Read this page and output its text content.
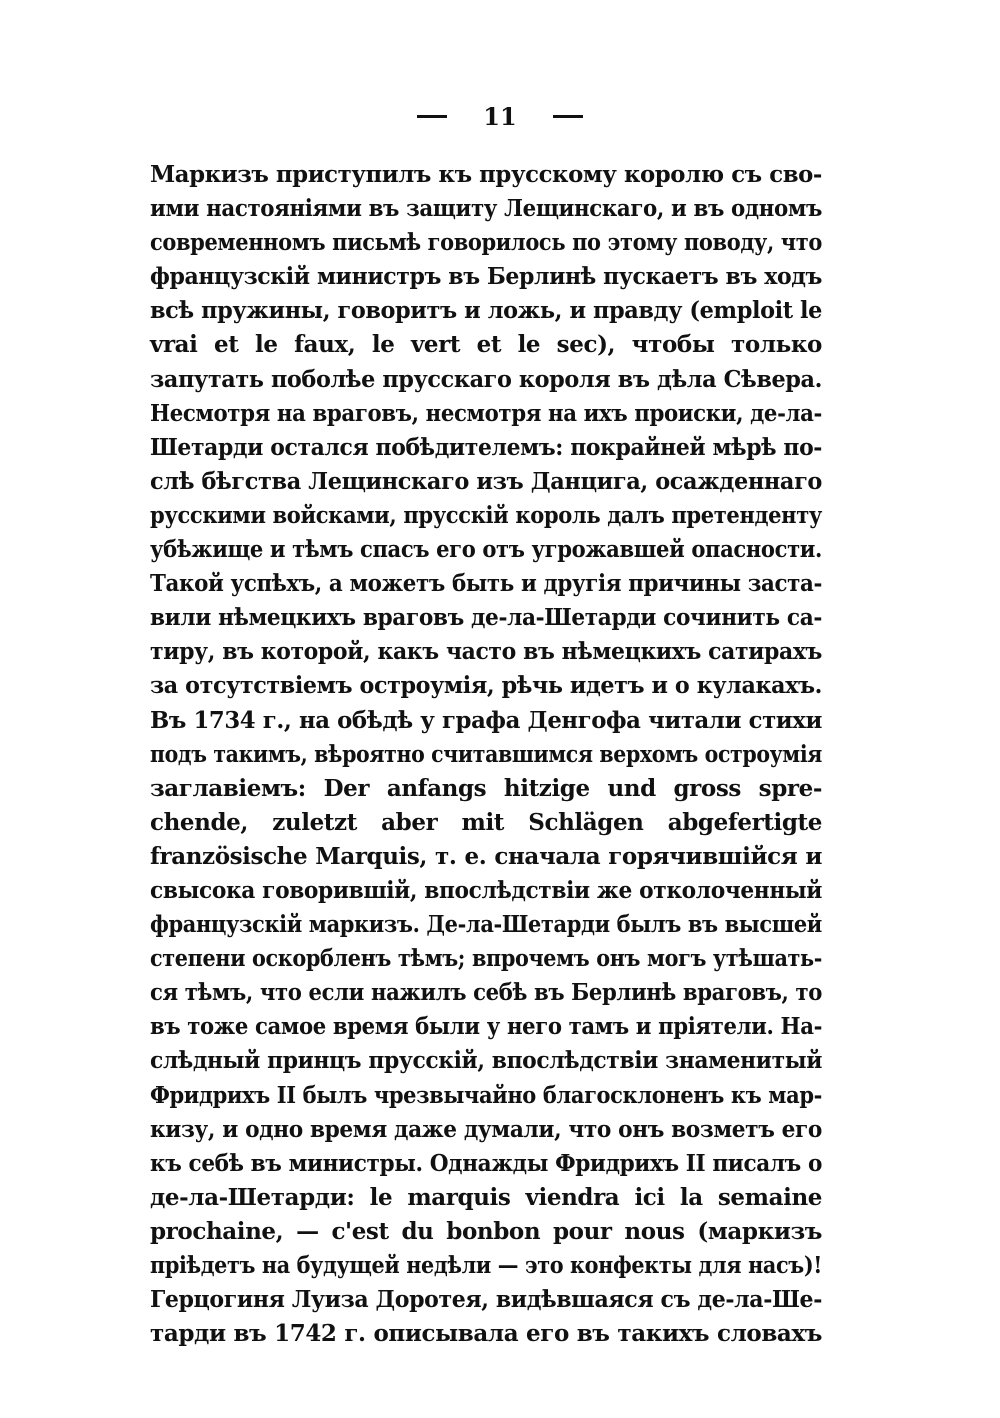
11
Маркизъ приступилъ къ прусскому королю съ сво-
ими настояніями въ защиту Лещинскаго, и въ одномъ
современномъ письмѣ говорилось по этому поводу, что
французскій министръ въ Берлинѣ пускаетъ въ ходъ
всѣ пружины, говоритъ и ложь, и правду (emploit le
vrai et le faux, le vert et le sec), чтобы только
запутать поболѣе прусскаго короля въ дѣла Сѣвера.
Несмотря на враговъ, несмотря на ихъ происки, де-ла-
Шетарди остался побѣдителемъ: покрайней мѣрѣ по-
слѣ бѣгства Лещинскаго изъ Данцига, осажденнаго
русскими войсками, прусскій король далъ претенденту
убѣжище и тѣмъ спасъ его отъ угрожавшей опасности.
Такой успѣхъ, а можетъ быть и другія причины заста-
вили нѣмецкихъ враговъ де-ла-Шетарди сочинить са-
тиру, въ которой, какъ часто въ нѣмецкихъ сатирахъ
за отсутствіемъ остроумія, рѣчь идетъ и о кулакахъ.
Въ 1734 г., на обѣдѣ у графа Денгофа читали стихи
подъ такимъ, вѣроятно считавшимся верхомъ остроумія
заглавіемъ: Der anfangs hitzige und gross spre-
chende, zuletzt aber mit Schlägen abgefertigte
französische Marquis, т. е. сначала горячившійся и
свысока говорившій, впослѣдствіи же отколоченный
французскій маркизъ. Де-ла-Шетарди былъ въ высшей
степени оскорбленъ тѣмъ; впрочемъ онъ могъ утѣшать-
ся тѣмъ, что если нажилъ себѣ въ Берлинѣ враговъ, то
въ тоже самое время были у него тамъ и пріятели. На-
слѣдный принцъ прусскій, впослѣдствіи знаменитый
Фридрихъ II былъ чрезвычайно благосклоненъ къ мар-
кизу, и одно время даже думали, что онъ возметъ его
къ себѣ въ министры. Однажды Фридрихъ II писалъ о
де-ла-Шетарди: le marquis viendra ici la semaine
prochaine, — c'est du bonbon pour nous (маркизъ
пріѣдетъ на будущей недѣли — это конфекты для насъ)!
Герцогиня Луиза Доротея, видѣвшаяся съ де-ла-Ше-
тарди въ 1742 г. описывала его въ такихъ словахъ
